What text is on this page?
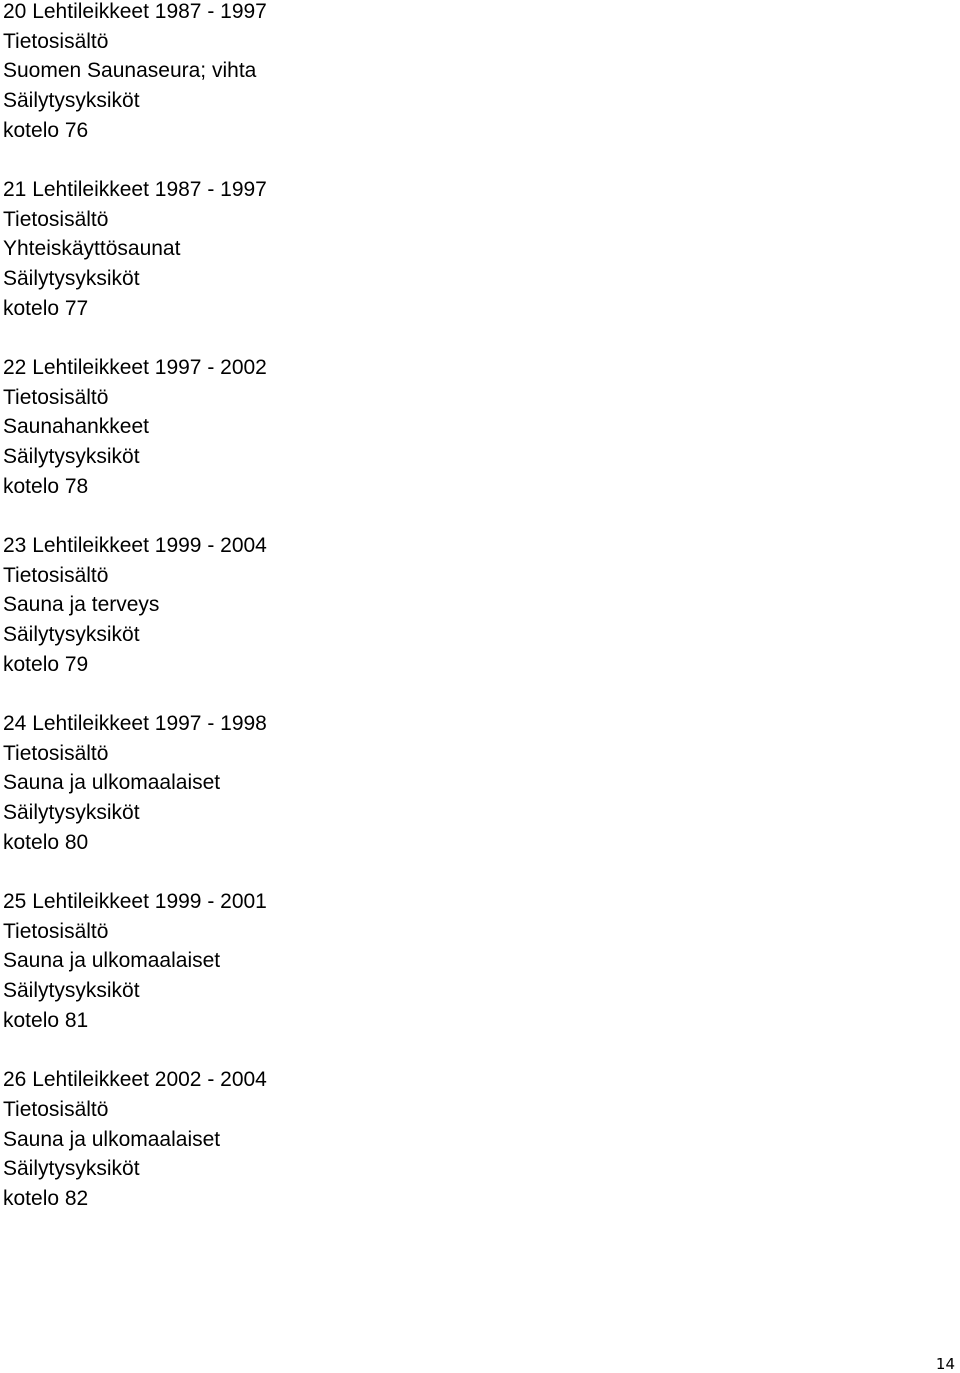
20 Lehtileikkeet 1987 - 1997
Tietosisältö
Suomen Saunaseura; vihta
Säilytysyksiköt
kotelo 76
21 Lehtileikkeet 1987 - 1997
Tietosisältö
Yhteiskäyttösaunat
Säilytysyksiköt
kotelo 77
22 Lehtileikkeet 1997 - 2002
Tietosisältö
Saunahankkeet
Säilytysyksiköt
kotelo 78
23 Lehtileikkeet 1999 - 2004
Tietosisältö
Sauna ja terveys
Säilytysyksiköt
kotelo 79
24 Lehtileikkeet 1997 - 1998
Tietosisältö
Sauna ja ulkomaalaiset
Säilytysyksiköt
kotelo 80
25 Lehtileikkeet 1999 - 2001
Tietosisältö
Sauna ja ulkomaalaiset
Säilytysyksiköt
kotelo 81
26 Lehtileikkeet 2002 - 2004
Tietosisältö
Sauna ja ulkomaalaiset
Säilytysyksiköt
kotelo 82
14
